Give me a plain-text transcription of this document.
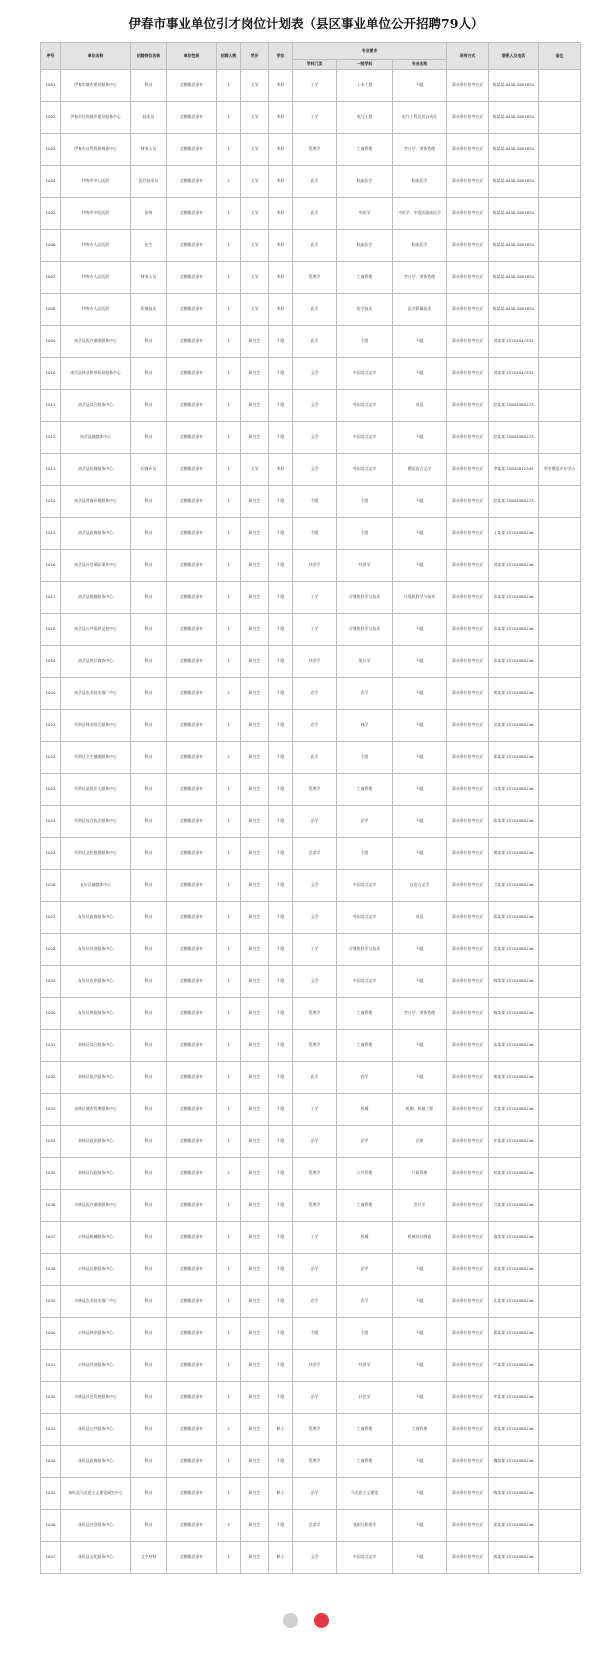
伊春市事业单位引才岗位计划表（县区事业单位公开招聘79人）
序号	单位名称	招聘岗位名称	单位性质	招聘人数	学历	学位	专业要求			录用方式	联系人及电话	备注
							学科门类	一级学科	专业名称			
1001	伊春市城市建设服务中心	科员	全额拨款事业	1	大学	本科	工学	土木工程	不限	事业单位招考方式	陈某某 0458-3607631	
1002	伊春市住房城乡建设服务中心	技术员	全额拨款事业	1	大学	本科	工学	电气工程	电气工程及其自动化	事业单位招考方式	陈某某 0458-3607631	
1003	伊春市自然资源调查中心	财务人员	全额拨款事业	1	大学	本科	管理学	工商管理	会计学、财务管理	事业单位招考方式	陈某某 0458-3607631	
1004	伊春市中心医院	医疗技术员	全额拨款事业	2	大学	本科	医学	临床医学	临床医学	事业单位招考方式	陈某某 0458-3607631	
1005	伊春市中医医院	医师	全额拨款事业	1	大学	本科	医学	中医学	中医学、中西医临床医学	事业单位招考方式	陈某某 0458-3607631	
1006	伊春市人民医院	医生	全额拨款事业	1	大学	本科	医学	临床医学	临床医学	事业单位招考方式	陈某某 0458-3607631	
1007	伊春市人民医院	财务人员	全额拨款事业	1	大学	本科	管理学	工商管理	会计学、财务管理	事业单位招考方式	陈某某 0458-3607631	
1008	伊春市人民医院	影像技术	全额拨款事业	1	大学	本科	医学	医学技术	医学影像技术	事业单位招考方式	陈某某 0458-3607631	
1009	南岔县医疗保障服务中心	科员	全额拨款事业	1	研究生	不限	医学	不限	不限	事业单位招考方式	刘某某 13704547331	
1010	南岔县林业和草原局服务中心	科员	全额拨款事业	1	研究生	不限	文学	中国语言文学	不限	事业单位招考方式	刘某某 13704547331	
1011	南岔县综合服务中心	科员	全额拨款事业	1	研究生	不限	文学	外国语言文学	英语	事业单位招考方式	赵某某 13804580123	
1012	南岔县融媒体中心	科员	全额拨款事业	1	研究生	不限	文学	中国语言文学	不限	事业单位招考方式	赵某某 13804580123	
1013	南岔县招商服务中心	招商专员	全额拨款事业	1	大学	本科	文学	外国语言文学	俄语语言文学	事业单位招考方式	李某某 13845812345	须有俄语专业学历
1014	南岔县营商环境服务中心	科员	全额拨款事业	1	研究生	不限	不限	不限	不限	事业单位招考方式	赵某某 13804580123	
1015	南岔县政务服务中心	科员	全额拨款事业	1	研究生	不限	不限	不限	不限	事业单位招考方式	王某某 13704580146	
1016	南岔县社会保险事业中心	科员	全额拨款事业	1	研究生	不限	经济学	经济学	不限	事业单位招考方式	刘某某 13704580146	
1017	南岔县数据服务中心	科员	全额拨款事业	1	研究生	不限	工学	计算机科学与技术	计算机科学与技术	事业单位招考方式	孙某某 13704580146	
1018	南岔县公共资源交易中心	科员	全额拨款事业	1	研究生	不限	工学	计算机科学与技术	不限	事业单位招考方式	孙某某 13704580146	
1019	南岔县统计调查中心	科员	全额拨款事业	1	研究生	不限	经济学	统计学	不限	事业单位招考方式	孙某某 13704580146	
1020	南岔县农业技术推广中心	科员	全额拨款事业	2	研究生	不限	农学	农学	不限	事业单位招考方式	周某某 13704580146	
1021	乌翠区林业综合服务中心	科员	全额拨款事业	1	研究生	不限	农学	林学	不限	事业单位招考方式	吴某某 13704580146	
1022	乌翠区卫生健康服务中心	科员	全额拨款事业	2	研究生	不限	医学	不限	不限	事业单位招考方式	郑某某 13704580146	
1023	乌翠区退役军人服务中心	科员	全额拨款事业	1	研究生	不限	管理学	工商管理	不限	事业单位招考方式	冯某某 13704580146	
1024	乌翠区综合执法服务中心	科员	全额拨款事业	1	研究生	不限	法学	法学	不限	事业单位招考方式	陈某某 13704580146	
1025	乌翠区文化旅游服务中心	科员	全额拨款事业	1	研究生	不限	艺术学	不限	不限	事业单位招考方式	褚某某 13704580146	
1026	友好区融媒体中心	科员	全额拨款事业	1	研究生	不限	文学	中国语言文学	汉语言文学	事业单位招考方式	卫某某 13704580146	
1027	友好区政务服务中心	科员	全额拨款事业	1	研究生	不限	文学	外国语言文学	英语	事业单位招考方式	蒋某某 13704580146	
1028	友好区经济服务中心	科员	全额拨款事业	1	研究生	不限	工学	计算机科学与技术	不限	事业单位招考方式	沈某某 13704580146	
1029	友好区农业服务中心	科员	全额拨款事业	1	研究生	不限	文学	中国语言文学	不限	事业单位招考方式	韩某某 13704580146	
1030	友好区财政服务中心	科员	全额拨款事业	1	研究生	不限	管理学	工商管理	会计学、财务管理	事业单位招考方式	杨某某 13704580146	
1031	金林区综合服务中心	科员	全额拨款事业	1	研究生	不限	管理学	工商管理	不限	事业单位招考方式	朱某某 13704580146	
1032	金林区医疗服务中心	科员	全额拨款事业	1	研究生	不限	医学	药学	不限	事业单位招考方式	秦某某 13704580146	
1033	金林区城市管理服务中心	科员	全额拨款事业	1	研究生	不限	工学	机械	机制、机械工程	事业单位招考方式	尤某某 13704580146	
1034	金林区政法服务中心	科员	全额拨款事业	1	研究生	不限	法学	法学	法律	事业单位招考方式	许某某 13704580146	
1035	金林区行政服务中心	科员	全额拨款事业	2	研究生	不限	管理学	公共管理	行政管理	事业单位招考方式	何某某 13704580146	
1036	丰林县医疗保障服务中心	科员	全额拨款事业	1	研究生	不限	管理学	工商管理	会计学	事业单位招考方式	吕某某 13704580146	
1037	丰林县机械服务中心	科员	全额拨款事业	1	研究生	不限	工学	机械	机械设计制造	事业单位招考方式	施某某 13704580146	
1038	丰林县法律服务中心	科员	全额拨款事业	1	研究生	不限	法学	法学	不限	事业单位招考方式	张某某 13704580146	
1039	丰林县农业技术推广中心	科员	全额拨款事业	1	研究生	不限	农学	农学	不限	事业单位招考方式	孔某某 13704580146	
1040	丰林县林业服务中心	科员	全额拨款事业	1	研究生	不限	不限	不限	不限	事业单位招考方式	曹某某 13704580146	
1041	丰林县经济服务中心	科员	全额拨款事业	1	研究生	不限	经济学	经济学	不限	事业单位招考方式	严某某 13704580146	
1042	丰林县社会发展服务中心	科员	全额拨款事业	1	研究生	不限	法学	社会学	不限	事业单位招考方式	华某某 13704580146	
1043	汤旺县公共服务中心	科员	全额拨款事业	2	研究生	硕士	管理学	工商管理	工商管理	事业单位招考方式	金某某 13704580146	
1044	汤旺县政务服务中心	科员	全额拨款事业	1	研究生	不限	管理学	工商管理	不限	事业单位招考方式	魏某某 13704580146	
1045	汤旺县马克思主义理论研究中心	科员	全额拨款事业	1	研究生	硕士	法学	马克思主义理论	不限	事业单位招考方式	陶某某 13704580146	
1046	汤旺县社会服务中心	科员	全额拨款事业	3	研究生	不限	艺术学	戏剧与影视学	不限	事业单位招考方式	姜某某 13704580146	
1047	汤旺县文化服务中心	文字材料	全额拨款事业	1	研究生	硕士	文学	中国语言文学	不限	事业单位招考方式	戚某某 13704580146	
